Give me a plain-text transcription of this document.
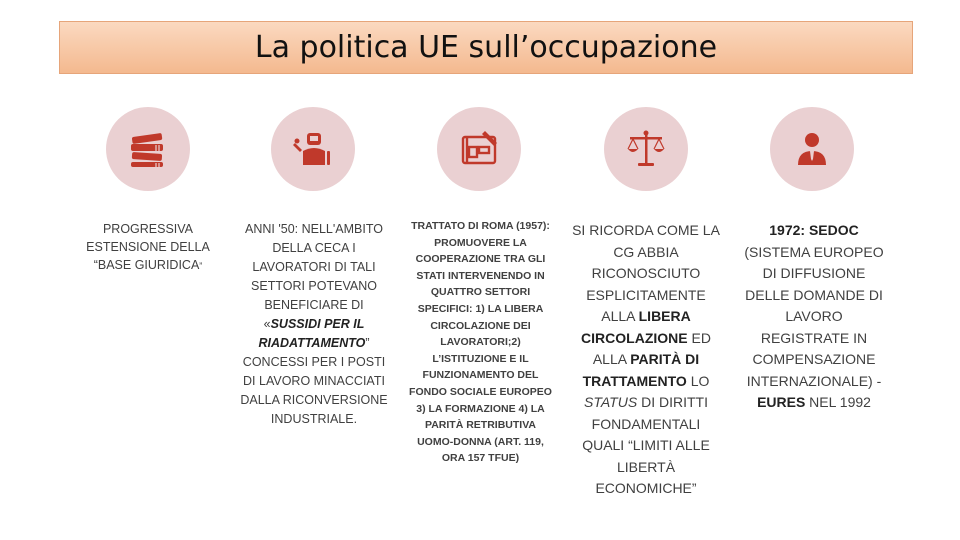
La politica UE sull’occupazione

PROGRESSIVA ESTENSIONE DELLA “BASE GIURIDICA”

ANNI '50: NELL'AMBITO DELLA CECA I LAVORATORI DI TALI SETTORI POTEVANO BENEFICIARE DI «SUSSIDI PER IL RIADATTAMENTO” CONCESSI PER I POSTI DI LAVORO MINACCIATI DALLA RICONVERSIONE INDUSTRIALE.

TRATTATO DI ROMA (1957): PROMUOVERE LA COOPERAZIONE TRA GLI STATI INTERVENENDO IN QUATTRO SETTORI SPECIFICI: 1) LA LIBERA CIRCOLAZIONE DEI LAVORATORI;2) L’ISTITUZIONE E IL FUNZIONAMENTO DEL FONDO SOCIALE EUROPEO 3) LA FORMAZIONE 4) LA PARITÀ RETRIBUTIVA UOMO-DONNA (ART. 119, ORA 157 TFUE)

SI RICORDA COME LA CG ABBIA RICONOSCIUTO ESPLICITAMENTE ALLA LIBERA CIRCOLAZIONE ED ALLA PARITÀ DI TRATTAMENTO LO STATUS DI DIRITTI FONDAMENTALI QUALI “LIMITI ALLE LIBERTÀ ECONOMICHE”

1972: SEDOC (SISTEMA EUROPEO DI DIFFUSIONE DELLE DOMANDE DI LAVORO REGISTRATE IN COMPENSAZIONE INTERNAZIONALE) - EURES NEL 1992
